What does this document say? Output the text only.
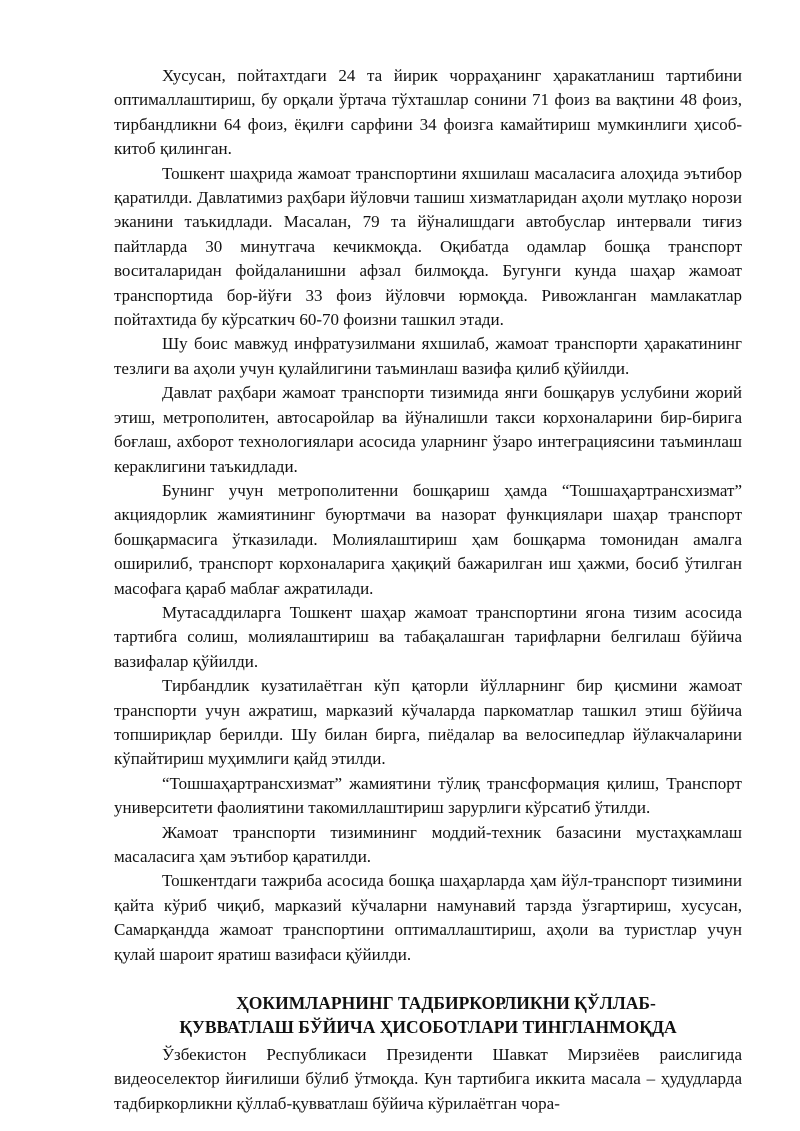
Хусусан, пойтахтдаги 24 та йирик чорраҳанинг ҳаракатланиш тартибини оптималлаштириш, бу орқали ўртача тўхташлар сонини 71 фоиз ва вақтини 48 фоиз, тирбандликни 64 фоиз, ёқилғи сарфини 34 фоизга камайтириш мумкинлиги ҳисоб-китоб қилинган.

Тошкент шаҳрида жамоат транспортини яхшилаш масаласига алоҳида эътибор қаратилди. Давлатимиз раҳбари йўловчи ташиш хизматларидан аҳоли мутлақо норози эканини таъкидлади. Масалан, 79 та йўналишдаги автобуслар интервали тиғиз пайтларда 30 минутгача кечикмоқда. Оқибатда одамлар бошқа транспорт воситаларидан фойдаланишни афзал билмоқда. Бугунги кунда шаҳар жамоат транспортида бор-йўғи 33 фоиз йўловчи юрмоқда. Ривожланган мамлакатлар пойтахтида бу кўрсаткич 60-70 фоизни ташкил этади.

Шу боис мавжуд инфратузилмани яхшилаб, жамоат транспорти ҳаракатининг тезлиги ва аҳоли учун қулайлигини таъминлаш вазифа қилиб қўйилди.

Давлат раҳбари жамоат транспорти тизимида янги бошқарув услубини жорий этиш, метрополитен, автосаройлар ва йўналишли такси корхоналарини бир-бирига боғлаш, ахборот технологиялари асосида уларнинг ўзаро интеграциясини таъминлаш кераклигини таъкидлади.

Бунинг учун метрополитенни бошқариш ҳамда “Тошшаҳартрансхизмат” акциядорлик жамиятининг буюртмачи ва назорат функциялари шаҳар транспорт бошқармасига ўтказилади. Молиялаштириш ҳам бошқарма томонидан амалга оширилиб, транспорт корхоналарига ҳақиқий бажарилган иш ҳажми, босиб ўтилган масофага қараб маблағ ажратилади.

Мутасаддиларга Тошкент шаҳар жамоат транспортини ягона тизим асосида тартибга солиш, молиялаштириш ва табақалашган тарифларни белгилаш бўйича вазифалар қўйилди.

Тирбандлик кузатилаётган кўп қаторли йўлларнинг бир қисмини жамоат транспорти учун ажратиш, марказий кўчаларда паркоматлар ташкил этиш бўйича топшириқлар берилди. Шу билан бирга, пиёдалар ва велосипедлар йўлакчаларини кўпайтириш муҳимлиги қайд этилди.

“Тошшаҳартрансхизмат” жамиятини тўлиқ трансформация қилиш, Транспорт университети фаолиятини такомиллаштириш зарурлиги кўрсатиб ўтилди.

Жамоат транспорти тизимининг моддий-техник базасини мустаҳкамлаш масаласига ҳам эътибор қаратилди.

Тошкентдаги тажриба асосида бошқа шаҳарларда ҳам йўл-транспорт тизимини қайта кўриб чиқиб, марказий кўчаларни намунавий тарзда ўзгартириш, хусусан, Самарқандда жамоат транспортини оптималлаштириш, аҳоли ва туристлар учун қулай шароит яратиш вазифаси қўйилди.

ҲОКИМЛАРНИНГ ТАДБИРКОРЛИКНИ ҚЎЛЛАБ-
ҚУВВАТЛАШ БЎЙИЧА ҲИСОБОТЛАРИ ТИНГЛАНМОҚДА

Ўзбекистон Республикаси Президенти Шавкат Мирзиёев раислигида видеоселектор йиғилиши бўлиб ўтмоқда. Кун тартибига иккита масала – ҳудудларда тадбиркорликни қўллаб-қувватлаш бўйича кўрилаётган чора-
